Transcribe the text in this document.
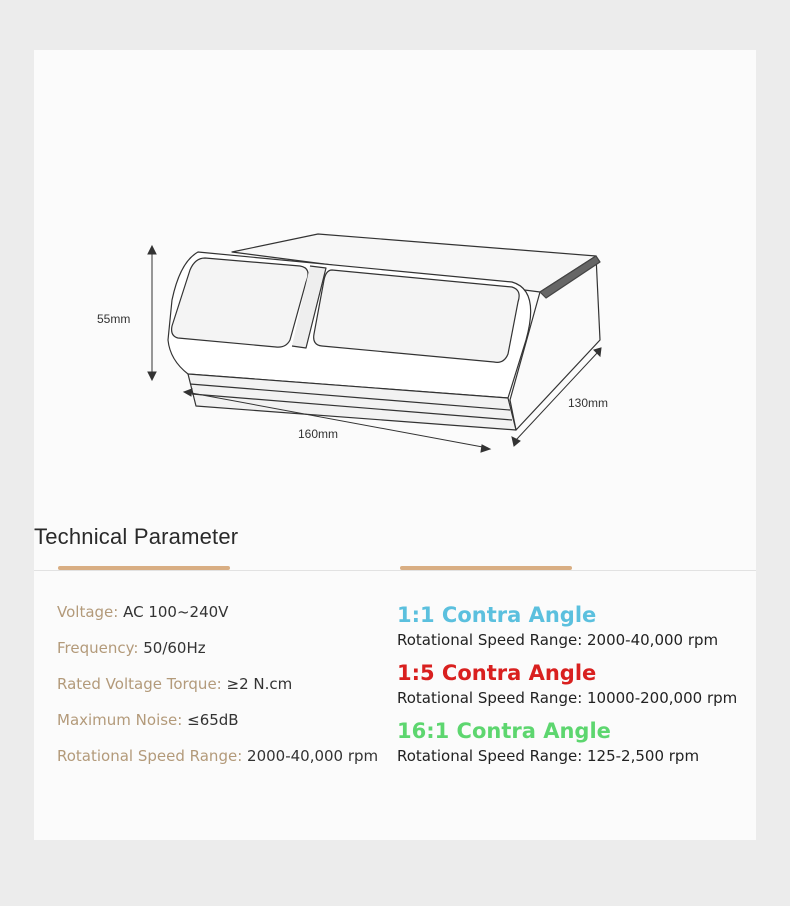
55mm
160mm
130mm
Technical Parameter
Voltage: AC 100~240V
Frequency: 50/60Hz
Rated Voltage Torque: ≥2 N.cm
Maximum Noise: ≤65dB
Rotational Speed Range: 2000-40,000 rpm
1:1 Contra Angle
Rotational Speed Range: 2000-40,000 rpm
1:5 Contra Angle
Rotational Speed Range: 10000-200,000 rpm
16:1 Contra Angle
Rotational Speed Range: 125-2,500 rpm
